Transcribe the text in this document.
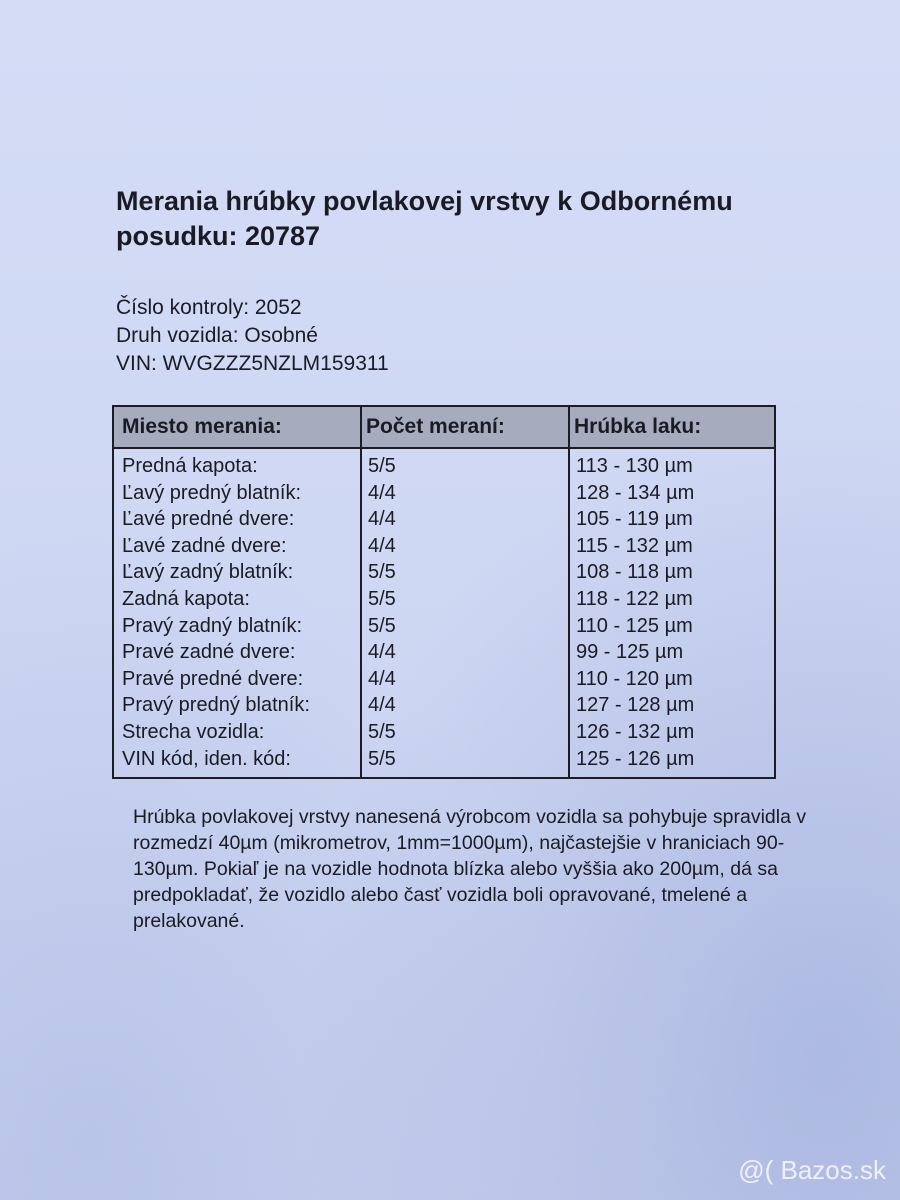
Merania hrúbky povlakovej vrstvy k Odbornému posudku: 20787
Číslo kontroly: 2052
Druh vozidla: Osobné
VIN: WVGZZZ5NZLM159311
Miesto merania:	Počet meraní:	Hrúbka laku:
Predná kapota:	5/5	113 - 130 µm
Ľavý predný blatník:	4/4	128 - 134 µm
Ľavé predné dvere:	4/4	105 - 119 µm
Ľavé zadné dvere:	4/4	115 - 132 µm
Ľavý zadný blatník:	5/5	108 - 118 µm
Zadná kapota:	5/5	118 - 122 µm
Pravý zadný blatník:	5/5	110 - 125 µm
Pravé zadné dvere:	4/4	99 - 125 µm
Pravé predné dvere:	4/4	110 - 120 µm
Pravý predný blatník:	4/4	127 - 128 µm
Strecha vozidla:	5/5	126 - 132 µm
VIN kód, iden. kód:	5/5	125 - 126 µm

Hrúbka povlakovej vrstvy nanesená výrobcom vozidla sa pohybuje spravidla v rozmedzí 40µm (mikrometrov, 1mm=1000µm), najčastejšie v hraniciach 90-130µm. Pokiaľ je na vozidle hodnota blízka alebo vyššia ako 200µm, dá sa predpokladať, že vozidlo alebo časť vozidla boli opravované, tmelené a prelakované.

@( Bazos.sk
